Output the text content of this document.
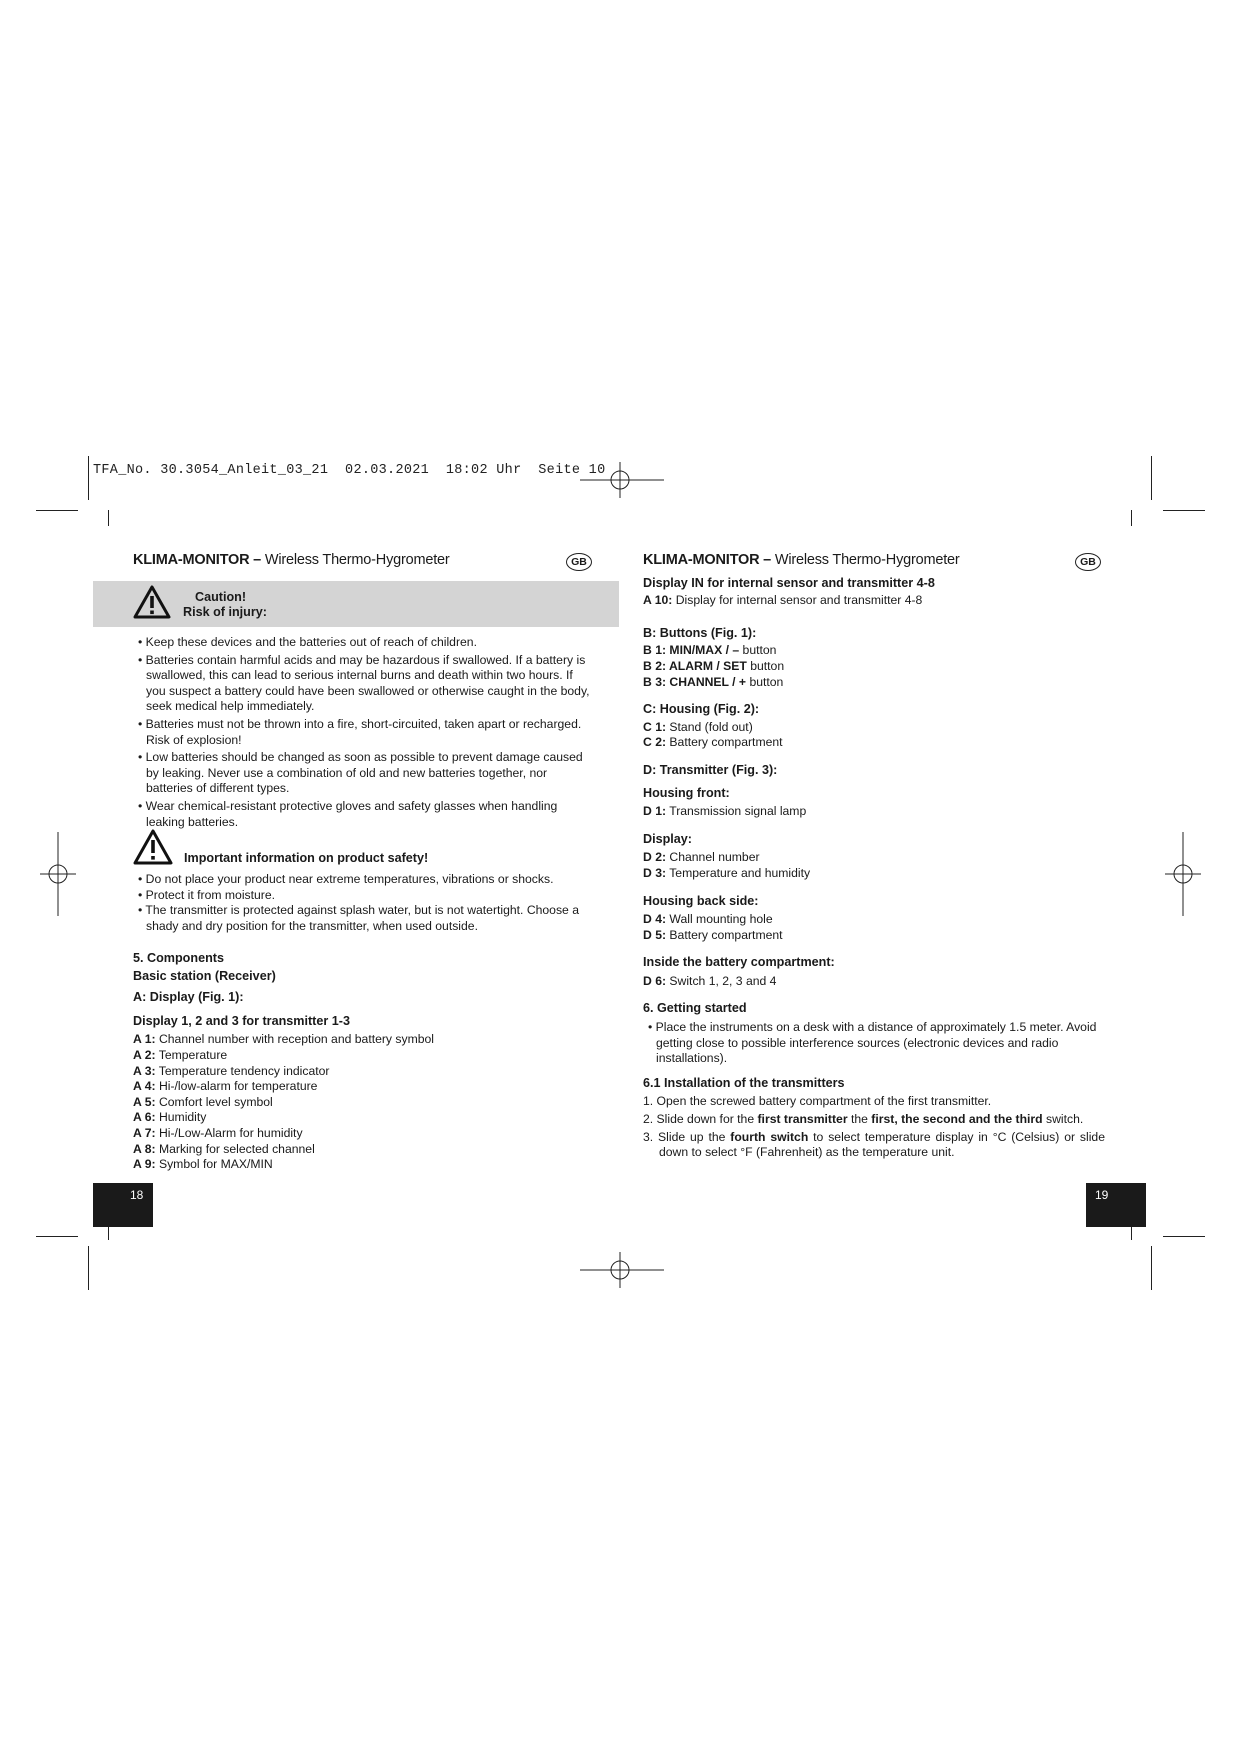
TFA_No. 30.3054_Anleit_03_21  02.03.2021  18:02 Uhr  Seite 10

KLIMA-MONITOR – Wireless Thermo-Hygrometer	GB
Caution!
Risk of injury:

• Keep these devices and the batteries out of reach of children.

• Batteries contain harmful acids and may be hazardous if swallowed. If a battery is swallowed, this can lead to serious internal burns and death within two hours. If you suspect a battery could have been swallowed or otherwise caught in the body, seek medical help immediately.

• Batteries must not be thrown into a fire, short-circuited, taken apart or recharged. Risk of explosion!

• Low batteries should be changed as soon as possible to prevent damage caused by leaking. Never use a combination of old and new batteries together, nor batteries of different types.

• Wear chemical-resistant protective gloves and safety glasses when handling leaking batteries.

Important information on product safety!

• Do not place your product near extreme temperatures, vibrations or shocks.

• Protect it from moisture.

• The transmitter is protected against splash water, but is not watertight. Choose a shady and dry position for the transmitter, when used outside.

5. Components

Basic station (Receiver)

A: Display (Fig. 1):

Display 1, 2 and 3 for transmitter 1-3

A 1: Channel number with reception and battery symbol

A 2: Temperature

A 3: Temperature tendency indicator

A 4: Hi-/low-alarm for temperature

A 5: Comfort level symbol

A 6: Humidity

A 7: Hi-/Low-Alarm for humidity

A 8: Marking for selected channel

A 9: Symbol for MAX/MIN

18

KLIMA-MONITOR – Wireless Thermo-Hygrometer

Display IN for internal sensor and transmitter 4-8

A 10: Display for internal sensor and transmitter 4-8

B: Buttons (Fig. 1):

B 1: MIN/MAX / – button

B 2: ALARM / SET button

B 3: CHANNEL / + button

C: Housing (Fig. 2):

C 1: Stand (fold out)

C 2: Battery compartment

D: Transmitter (Fig. 3):

Housing front:

D 1: Transmission signal lamp

Display:

D 2: Channel number

D 3: Temperature and humidity

Housing back side:

D 4: Wall mounting hole

D 5: Battery compartment

Inside the battery compartment:

D 6: Switch 1, 2, 3 and 4

6. Getting started

• Place the instruments on a desk with a distance of approximately 1.5 meter. Avoid getting close to possible interference sources (electronic devices and radio installations).

6.1 Installation of the transmitters

1. Open the screwed battery compartment of the first transmitter.

2. Slide down for the first transmitter the first, the second and the third switch.

3. Slide up the fourth switch to select temperature display in °C (Celsius) or slide down to select °F (Fahrenheit) as the temperature unit.

GB
19
